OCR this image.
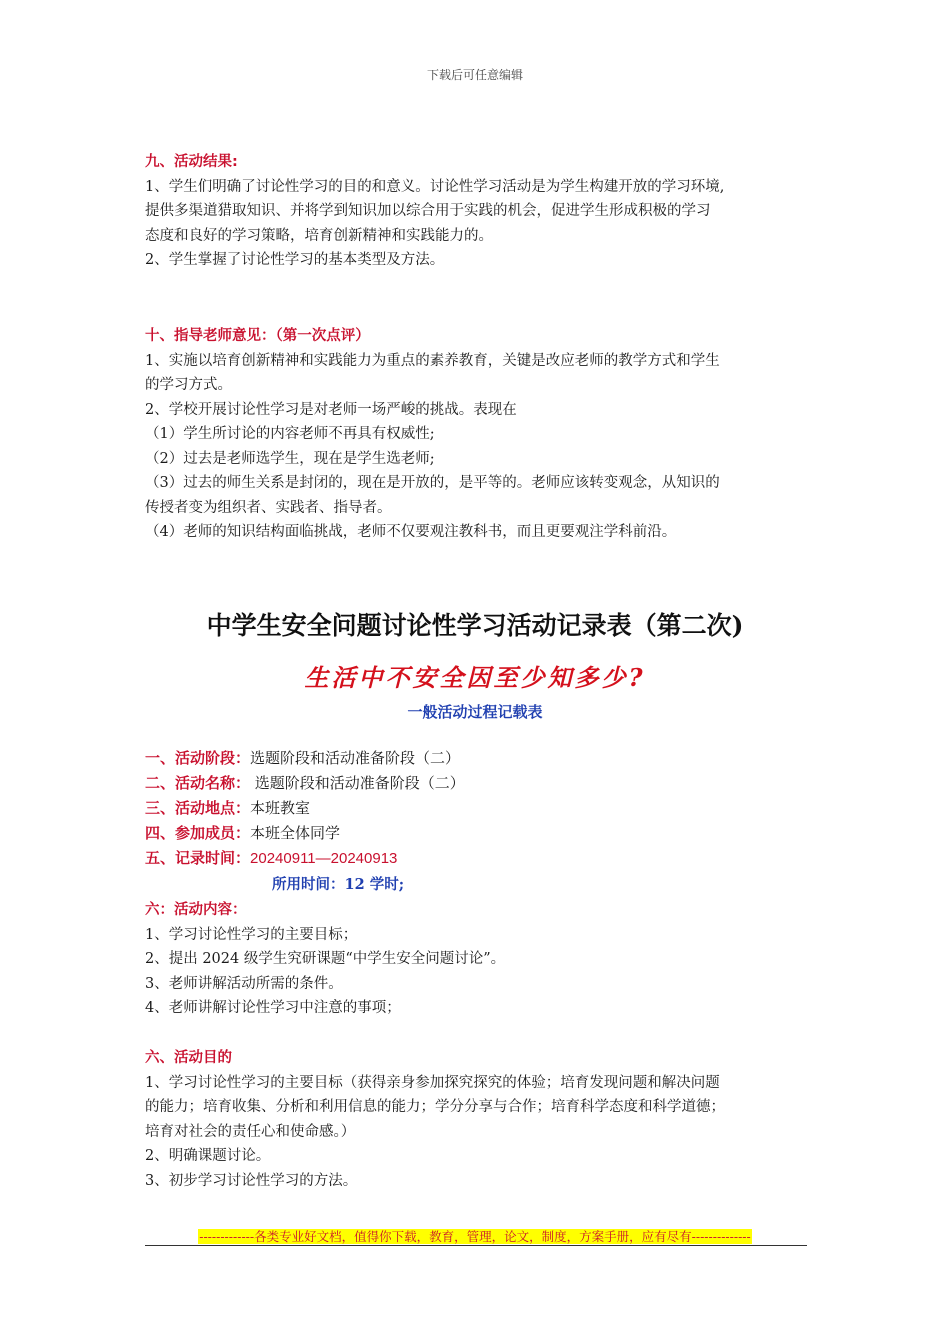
下载后可任意编辑
九、活动结果:
1、学生们明确了讨论性学习的目的和意义。讨论性学习活动是为学生构建开放的学习环境,
提供多渠道猎取知识、并将学到知识加以综合用于实践的机会，促进学生形成积极的学习
态度和良好的学习策略，培育创新精神和实践能力的。
2、学生掌握了讨论性学习的基本类型及方法。
十、指导老师意见：（第一次点评）
1、实施以培育创新精神和实践能力为重点的素养教育，关键是改应老师的教学方式和学生
的学习方式。
2、学校开展讨论性学习是对老师一场严峻的挑战。表现在
（1）学生所讨论的内容老师不再具有权威性;
（2）过去是老师选学生，现在是学生选老师;
（3）过去的师生关系是封闭的，现在是开放的，是平等的。老师应该转变观念，从知识的
传授者变为组织者、实践者、指导者。
（4）老师的知识结构面临挑战，老师不仅要观注教科书，而且更要观注学科前沿。
中学生安全问题讨论性学习活动记录表（第二次)
生活中不安全因至少知多少?
一般活动过程记载表
一、活动阶段：选题阶段和活动准备阶段（二）
二、活动名称： 选题阶段和活动准备阶段（二）
三、活动地点：本班教室
四、参加成员：本班全体同学
五、记录时间：20240911—20240913
所用时间：12 学时;
六：活动内容：
1、学习讨论性学习的主要目标；
2、提出 2024 级学生究研课题“中学生安全问题讨论”。
3、老师讲解活动所需的条件。
4、老师讲解讨论性学习中注意的事项；
六、活动目的
1、学习讨论性学习的主要目标（获得亲身参加探究探究的体验；培育发现问题和解决问题
的能力；培育收集、分析和利用信息的能力；学分分享与合作；培育科学态度和科学道德；
培育对社会的责任心和使命感。）
2、明确课题讨论。
3、初步学习讨论性学习的方法。
-------------各类专业好文档，值得你下载，教育，管理，论文，制度，方案手册，应有尽有--------------
